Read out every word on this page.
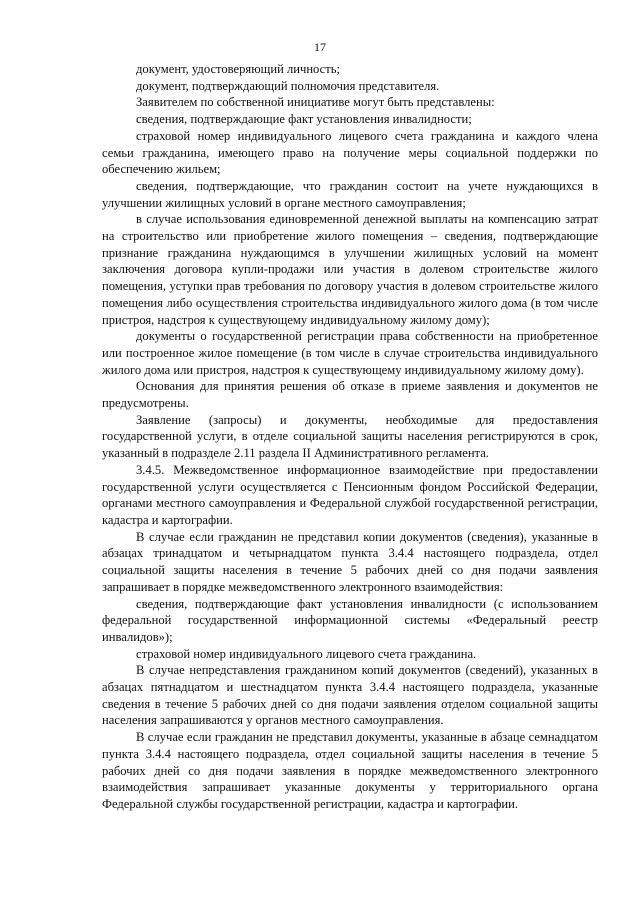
17

документ, удостоверяющий личность;

документ, подтверждающий полномочия представителя.

Заявителем по собственной инициативе могут быть представлены:

сведения, подтверждающие факт установления инвалидности;

страховой номер индивидуального лицевого счета гражданина и каждого члена семьи гражданина, имеющего право на получение меры социальной поддержки по обеспечению жильем;

сведения, подтверждающие, что гражданин состоит на учете нуждающихся в улучшении жилищных условий в органе местного самоуправления;

в случае использования единовременной денежной выплаты на компенсацию затрат на строительство или приобретение жилого помещения – сведения, подтверждающие признание гражданина нуждающимся в улучшении жилищных условий на момент заключения договора купли-продажи или участия в долевом строительстве жилого помещения, уступки прав требования по договору участия в долевом строительстве жилого помещения либо осуществления строительства индивидуального жилого дома (в том числе пристроя, надстроя к существующему индивидуальному жилому дому);

документы о государственной регистрации права собственности на приобретенное или построенное жилое помещение (в том числе в случае строительства индивидуального жилого дома или пристроя, надстроя к существующему индивидуальному жилому дому).

Основания для принятия решения об отказе в приеме заявления и документов не предусмотрены.

Заявление (запросы) и документы, необходимые для предоставления государственной услуги, в отделе социальной защиты населения регистрируются в срок, указанный в подразделе 2.11 раздела II Административного регламента.

3.4.5. Межведомственное информационное взаимодействие при предоставлении государственной услуги осуществляется с Пенсионным фондом Российской Федерации, органами местного самоуправления и Федеральной службой государственной регистрации, кадастра и картографии.

В случае если гражданин не представил копии документов (сведения), указанные в абзацах тринадцатом и четырнадцатом пункта 3.4.4 настоящего подраздела, отдел социальной защиты населения в течение 5 рабочих дней со дня подачи заявления запрашивает в порядке межведомственного электронного взаимодействия:

сведения, подтверждающие факт установления инвалидности (с использованием федеральной государственной информационной системы «Федеральный реестр инвалидов»);

страховой номер индивидуального лицевого счета гражданина.

В случае непредставления гражданином копий документов (сведений), указанных в абзацах пятнадцатом и шестнадцатом пункта 3.4.4 настоящего подраздела, указанные сведения в течение 5 рабочих дней со дня подачи заявления отделом социальной защиты населения запрашиваются у органов местного самоуправления.

В случае если гражданин не представил документы, указанные в абзаце семнадцатом пункта 3.4.4 настоящего подраздела, отдел социальной защиты населения в течение 5 рабочих дней со дня подачи заявления в порядке межведомственного электронного взаимодействия запрашивает указанные документы у территориального органа Федеральной службы государственной регистрации, кадастра и картографии.
